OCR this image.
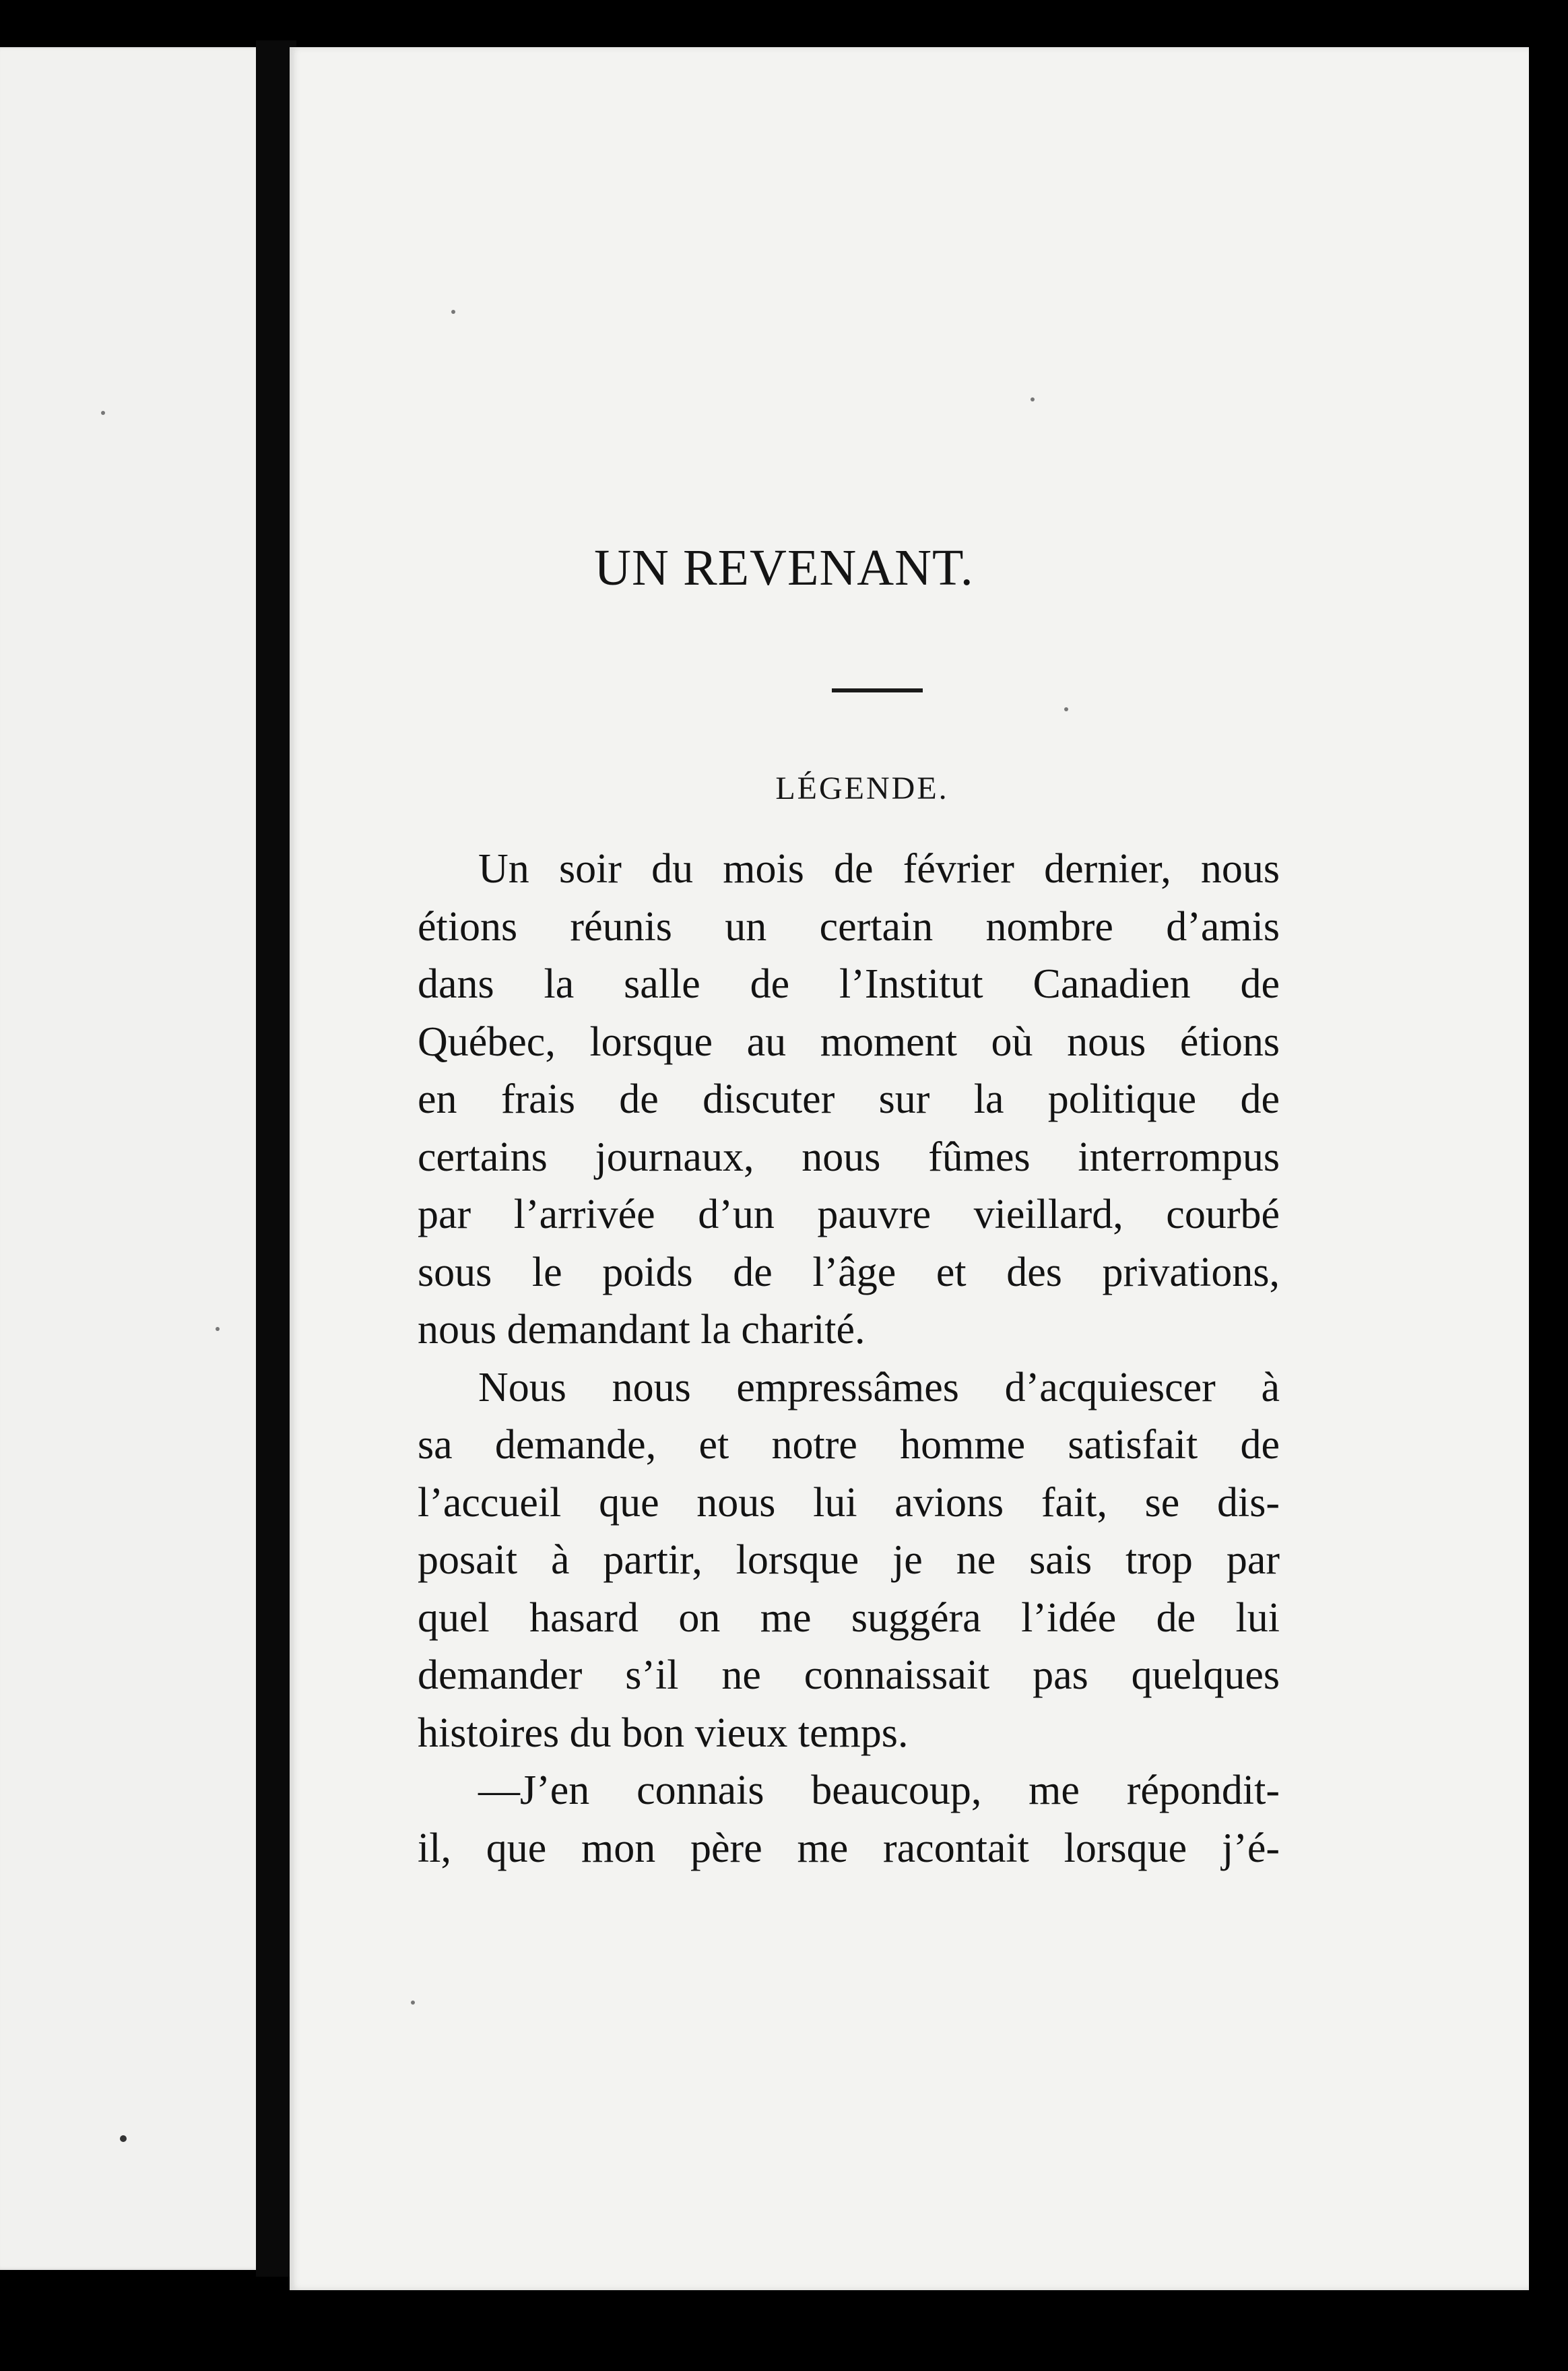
UN REVENANT.
LÉGENDE.
Un soir du mois de février dernier, nous
étions réunis un certain nombre d’amis
dans la salle de l’Institut Canadien de
Québec, lorsque au moment où nous étions
en frais de discuter sur la politique de
certains journaux, nous fûmes interrompus
par l’arrivée d’un pauvre vieillard, courbé
sous le poids de l’âge et des privations,
nous demandant la charité.
Nous nous empressâmes d’acquiescer à
sa demande, et notre homme satisfait de
l’accueil que nous lui avions fait, se dis-
posait à partir, lorsque je ne sais trop par
quel hasard on me suggéra l’idée de lui
demander s’il ne connaissait pas quelques
histoires du bon vieux temps.
—J’en connais beaucoup, me répondit-
il, que mon père me racontait lorsque j’é-
